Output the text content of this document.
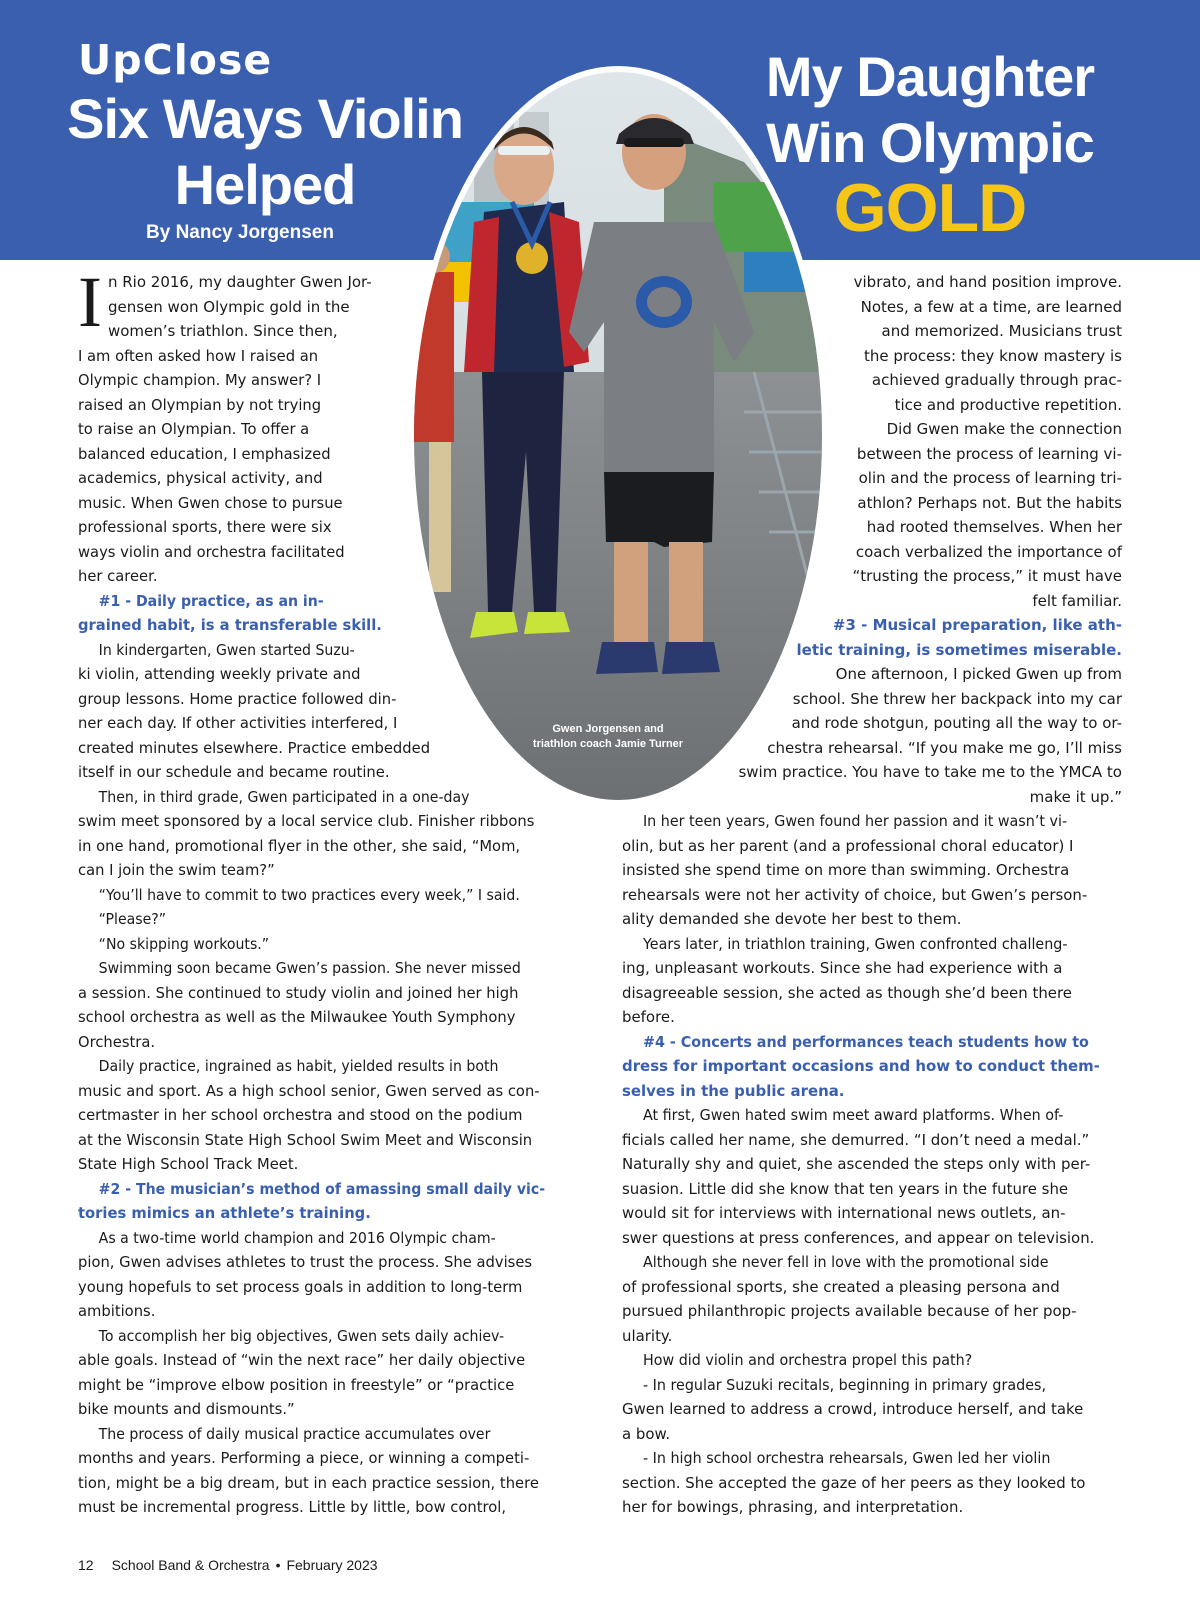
UpClose
Six Ways Violin
Helped
By Nancy Jorgensen
My Daughter
Win Olympic
GOLD
Gwen Jorgensen and
triathlon coach Jamie Turner
I n Rio 2016, my daughter Gwen Jor-

gensen won Olympic gold in the

women’s triathlon. Since then,

I am often asked how I raised an

Olympic champion. My answer? I

raised an Olympian by not trying

to raise an Olympian. To offer a

balanced education, I emphasized

academics, physical activity, and

music. When Gwen chose to pursue

professional sports, there were six

ways violin and orchestra facilitated

her career.

#1 - Daily practice, as an in-

grained habit, is a transferable skill.

In kindergarten, Gwen started Suzu-

ki violin, attending weekly private and

group lessons. Home practice followed din-

ner each day. If other activities interfered, I

created minutes elsewhere. Practice embedded

itself in our schedule and became routine.

Then, in third grade, Gwen participated in a one-day

swim meet sponsored by a local service club. Finisher ribbons

in one hand, promotional flyer in the other, she said, “Mom,

can I join the swim team?”

“You’ll have to commit to two practices every week,” I said.

“Please?”

“No skipping workouts.”

Swimming soon became Gwen’s passion. She never missed

a session. She continued to study violin and joined her high

school orchestra as well as the Milwaukee Youth Symphony

Orchestra.

Daily practice, ingrained as habit, yielded results in both

music and sport. As a high school senior, Gwen served as con-

certmaster in her school orchestra and stood on the podium

at the Wisconsin State High School Swim Meet and Wisconsin

State High School Track Meet.

#2 - The musician’s method of amassing small daily vic-

tories mimics an athlete’s training.

As a two-time world champion and 2016 Olympic cham-

pion, Gwen advises athletes to trust the process. She advises

young hopefuls to set process goals in addition to long-term

ambitions.

To accomplish her big objectives, Gwen sets daily achiev-

able goals. Instead of “win the next race” her daily objective

might be “improve elbow position in freestyle” or “practice

bike mounts and dismounts.”

The process of daily musical practice accumulates over

months and years. Performing a piece, or winning a competi-

tion, might be a big dream, but in each practice session, there

must be incremental progress. Little by little, bow control,

vibrato, and hand position improve.

Notes, a few at a time, are learned

and memorized. Musicians trust

the process: they know mastery is

achieved gradually through prac-

tice and productive repetition.

Did Gwen make the connection

between the process of learning vi-

olin and the process of learning tri-

athlon? Perhaps not. But the habits

had rooted themselves. When her

coach verbalized the importance of

“trusting the process,” it must have

felt familiar.

#3 - Musical preparation, like ath-

letic training, is sometimes miserable.

One afternoon, I picked Gwen up from

school. She threw her backpack into my car

and rode shotgun, pouting all the way to or-

chestra rehearsal. “If you make me go, I’ll miss

swim practice. You have to take me to the YMCA to

make it up.”

In her teen years, Gwen found her passion and it wasn’t vi-

olin, but as her parent (and a professional choral educator) I

insisted she spend time on more than swimming. Orchestra

rehearsals were not her activity of choice, but Gwen’s person-

ality demanded she devote her best to them.

Years later, in triathlon training, Gwen confronted challeng-

ing, unpleasant workouts. Since she had experience with a

disagreeable session, she acted as though she’d been there

before.

#4 - Concerts and performances teach students how to

dress for important occasions and how to conduct them-

selves in the public arena.

At first, Gwen hated swim meet award platforms. When of-

ficials called her name, she demurred. “I don’t need a medal.”

Naturally shy and quiet, she ascended the steps only with per-

suasion. Little did she know that ten years in the future she

would sit for interviews with international news outlets, an-

swer questions at press conferences, and appear on television.

Although she never fell in love with the promotional side

of professional sports, she created a pleasing persona and

pursued philanthropic projects available because of her pop-

ularity.

How did violin and orchestra propel this path?

- In regular Suzuki recitals, beginning in primary grades,

Gwen learned to address a crowd, introduce herself, and take

a bow.

- In high school orchestra rehearsals, Gwen led her violin

section. She accepted the gaze of her peers as they looked to

her for bowings, phrasing, and interpretation.

12 School Band & Orchestra • February 2023
